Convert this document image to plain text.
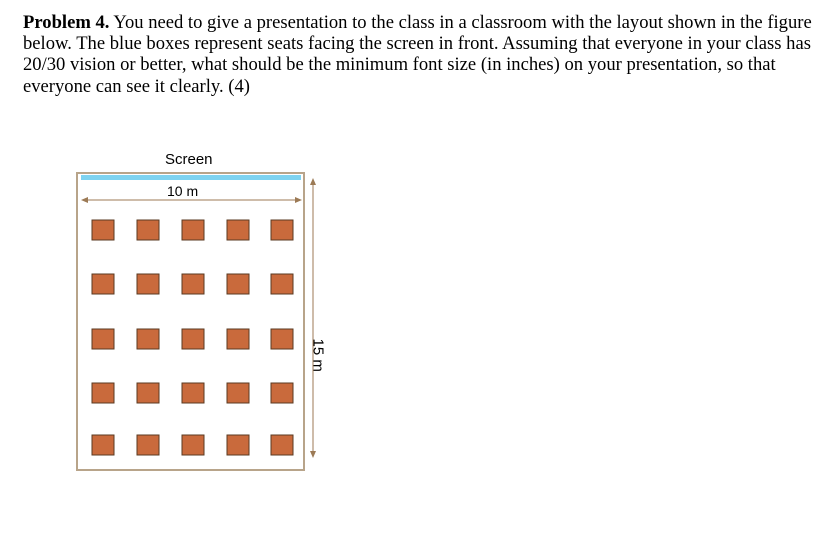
Problem 4. You need to give a presentation to the class in a classroom with the layout shown in the figure below. The blue boxes represent seats facing the screen in front. Assuming that everyone in your class has 20/30 vision or better, what should be the minimum font size (in inches) on your presentation, so that everyone can see it clearly. (4)

Screen
10 m
15 m
